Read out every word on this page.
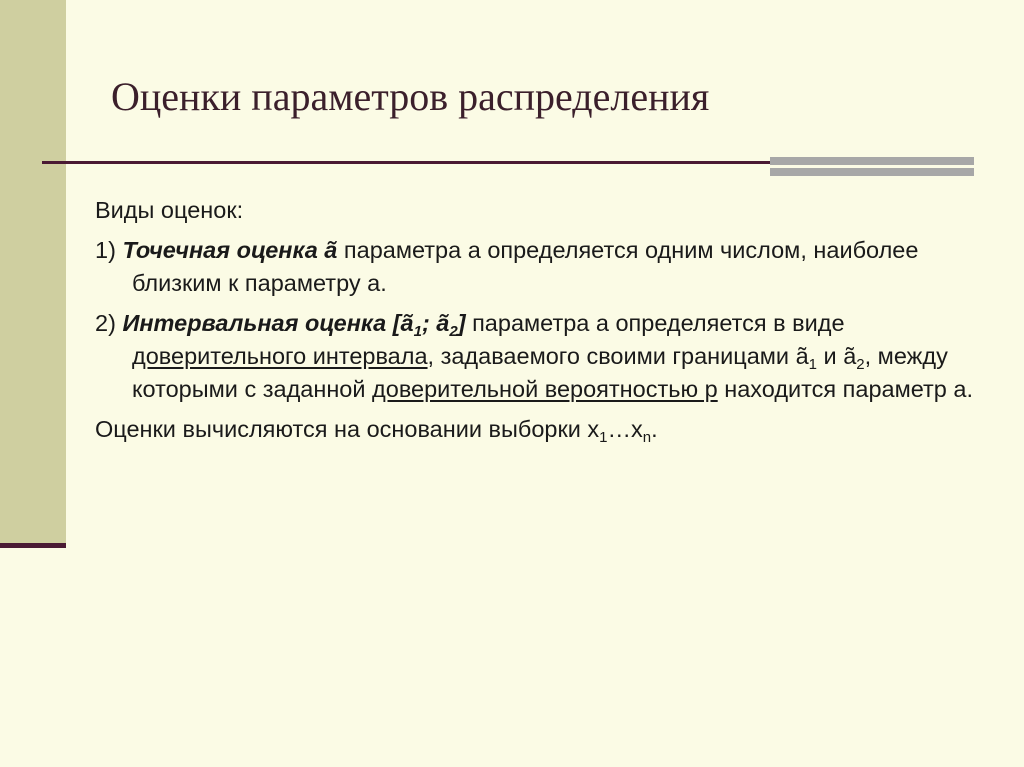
Оценки параметров распределения

Виды оценок:

1) Точечная оценка ã параметра а определяется одним числом, наиболее близким к параметру а.

2) Интервальная оценка [$ã_1$; $ã_2$] параметра а определяется в виде доверительного интервала, задаваемого своими границами $ã_1$ и $ã_2$, между которыми с заданной доверительной вероятностью р находится параметр а.

Оценки вычисляются на основании выборки $х_1\dots х_n$.
